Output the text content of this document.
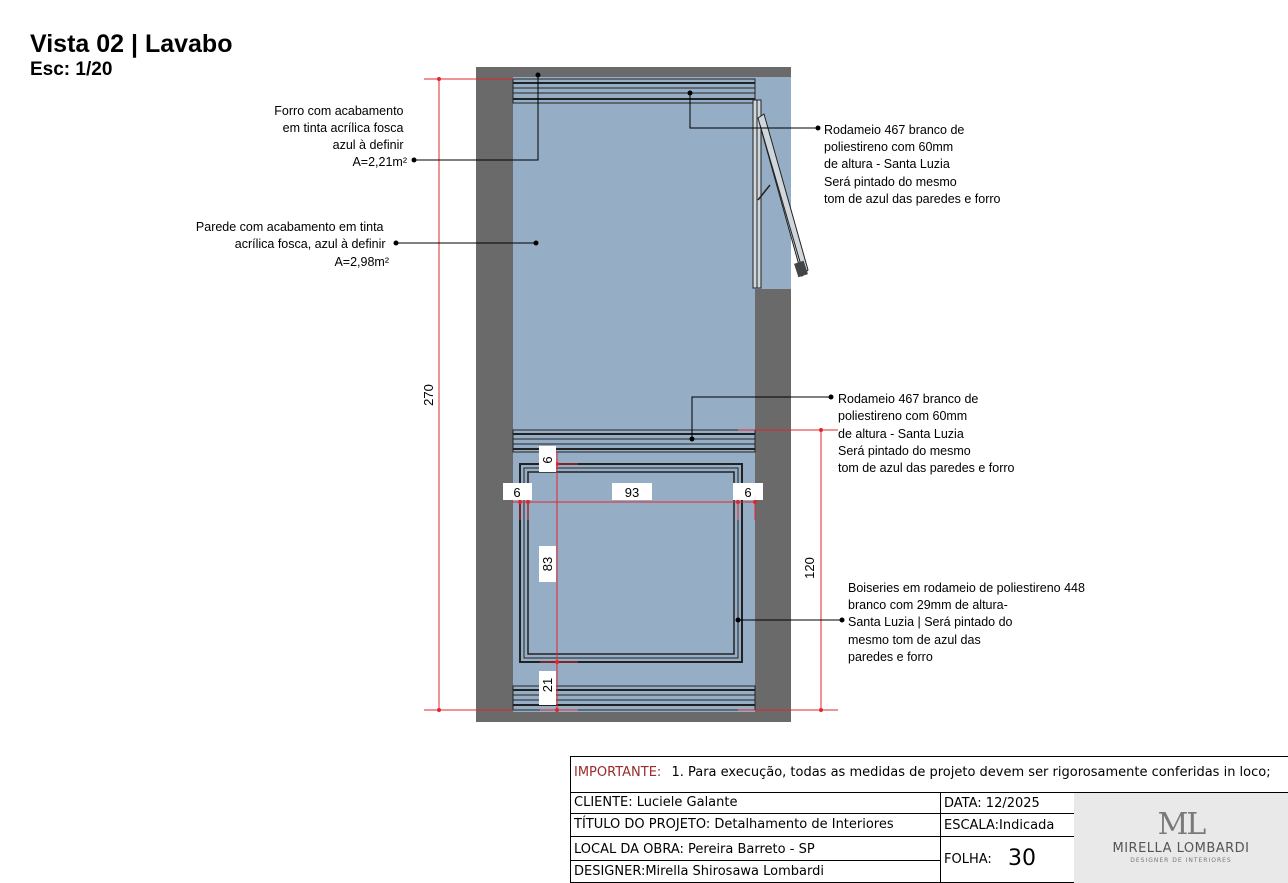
Vista 02 | Lavabo
Esc: 1/20
270
120
6	93	6
6
83
21
Forro com acabamento em tinta acrílica fosca azul à definir A=2,21m²
Parede com acabamento em tinta acrílica fosca, azul à definir A=2,98m²
Rodameio 467 branco de poliestireno com 60mm de altura - Santa Luzia Será pintado do mesmo tom de azul das paredes e forro
Rodameio 467 branco de poliestireno com 60mm de altura - Santa Luzia Será pintado do mesmo tom de azul das paredes e forro
Boiseries em rodameio de poliestireno 448 branco com 29mm de altura- Santa Luzia | Será pintado do mesmo tom de azul das paredes e forro
IMPORTANTE: 1. Para execução, todas as medidas de projeto devem ser rigorosamente conferidas in loco;
CLIENTE: Luciele Galante	DATA: 12/2025
TÍTULO DO PROJETO: Detalhamento de Interiores	ESCALA:Indicada
LOCAL DA OBRA: Pereira Barreto - SP
FOLHA: 30
DESIGNER:Mirella Shirosawa Lombardi
ML
MIRELLA LOMBARDI
DESIGNER DE INTERIORES
